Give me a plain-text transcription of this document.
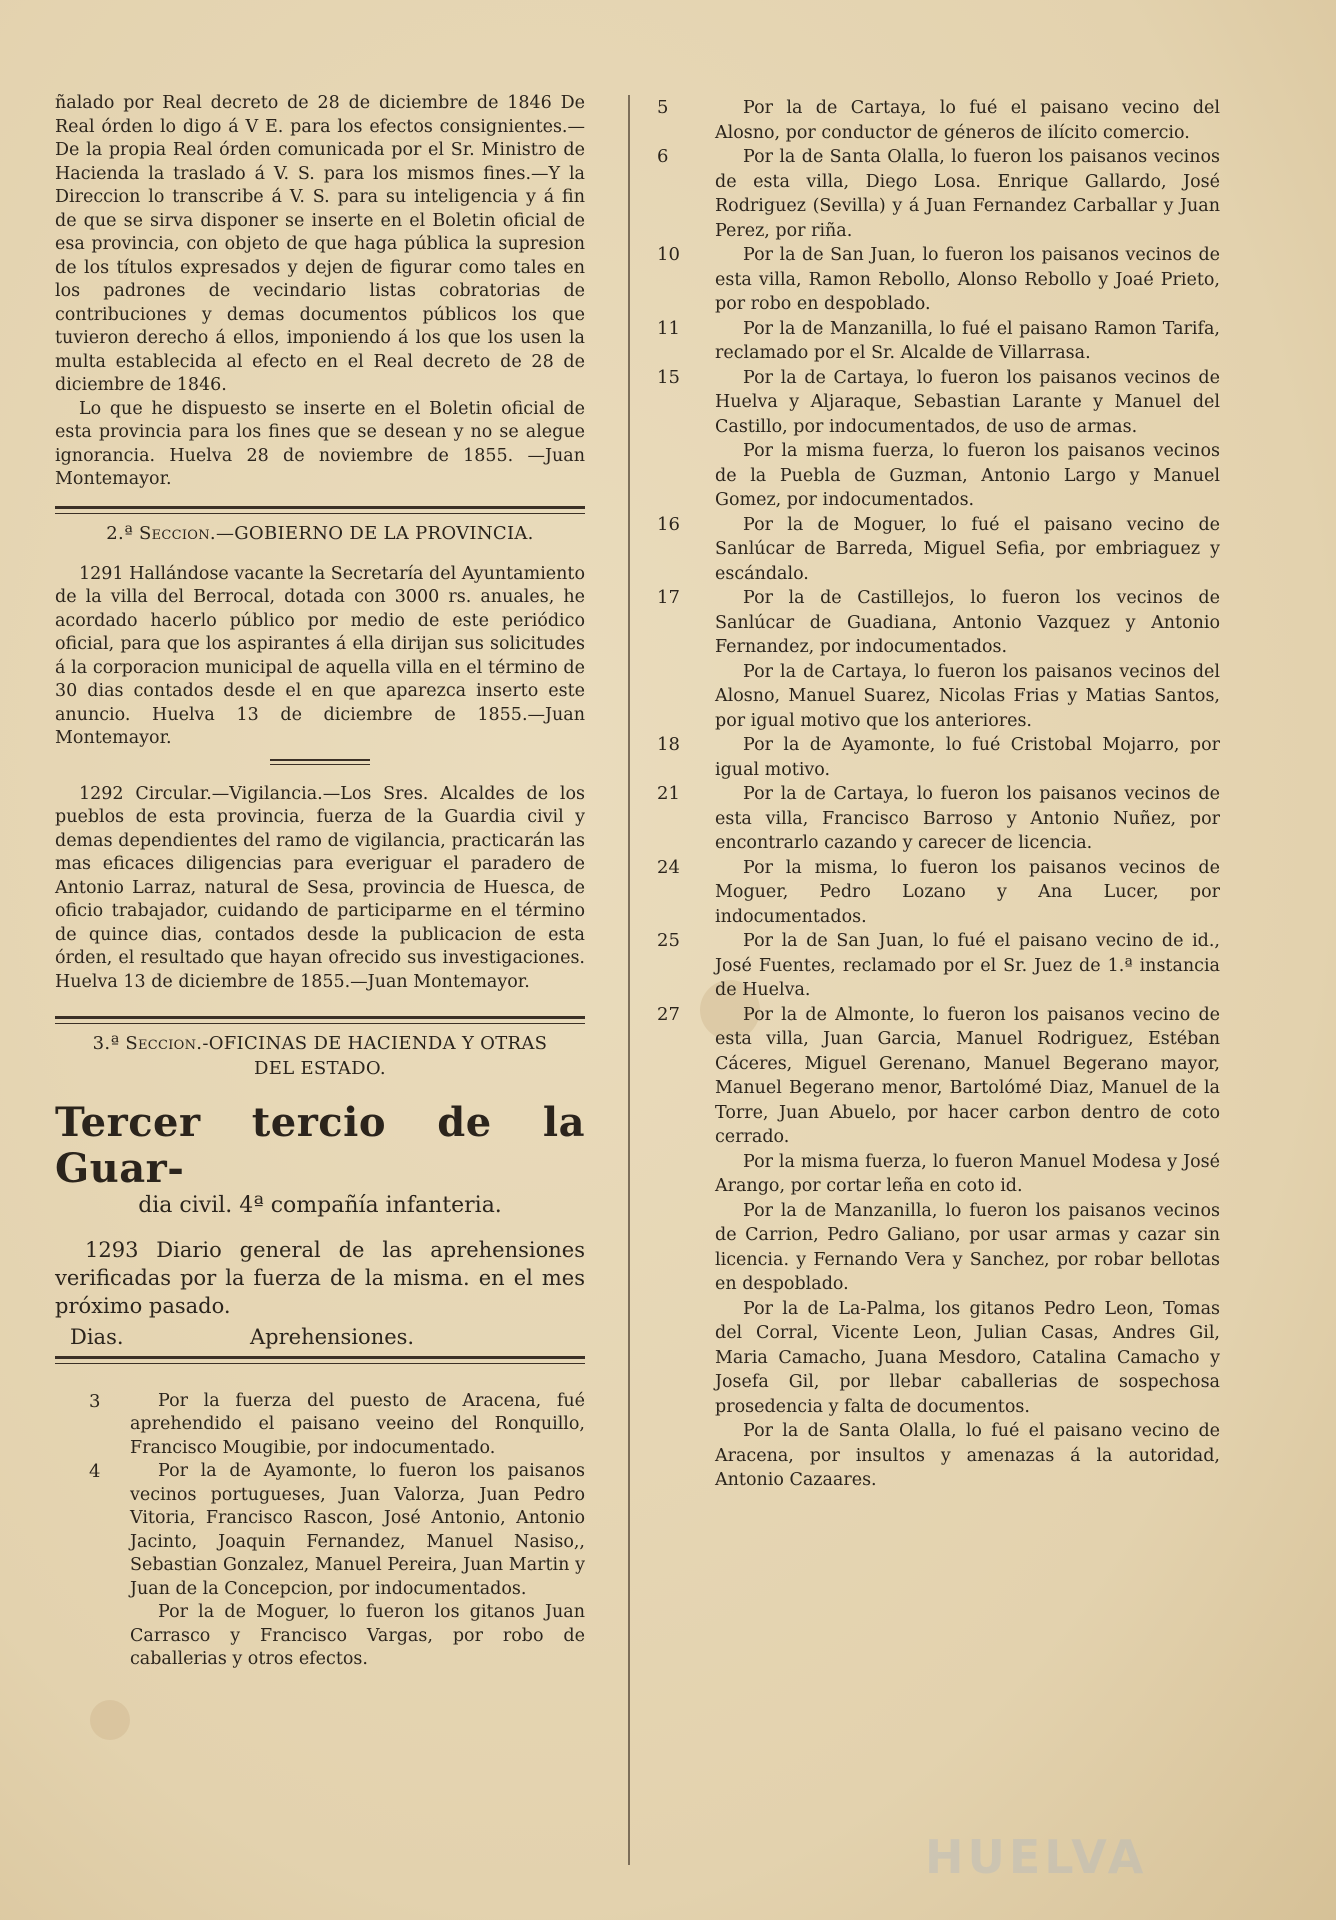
ñalado por Real decreto de 28 de diciembre de 1846 De Real órden lo digo á V E. para los efectos consignientes.—De la propia Real órden comunicada por el Sr. Ministro de Hacienda la traslado á V. S. para los mismos fines.—Y la Direccion lo transcribe á V. S. para su inteligencia y á fin de que se sirva disponer se inserte en el Boletin oficial de esa provincia, con objeto de que haga pública la supresion de los títulos expresados y dejen de figurar como tales en los padrones de vecindario listas cobratorias de contribuciones y demas documentos públicos los que tuvieron derecho á ellos, imponiendo á los que los usen la multa establecida al efecto en el Real decreto de 28 de diciembre de 1846.

Lo que he dispuesto se inserte en el Boletin oficial de esta provincia para los fines que se desean y no se alegue ignorancia. Huelva 28 de noviembre de 1855. —Juan Montemayor.

2.ª Seccion.—GOBIERNO DE LA PROVINCIA.

1291 Hallándose vacante la Secretaría del Ayuntamiento de la villa del Berrocal, dotada con 3000 rs. anuales, he acordado hacerlo público por medio de este periódico oficial, para que los aspirantes á ella dirijan sus solicitudes á la corporacion municipal de aquella villa en el término de 30 dias contados desde el en que aparezca inserto este anuncio. Huelva 13 de diciembre de 1855.—Juan Montemayor.

1292 Circular.—Vigilancia.—Los Sres. Alcaldes de los pueblos de esta provincia, fuerza de la Guardia civil y demas dependientes del ramo de vigilancia, practicarán las mas eficaces diligencias para everiguar el paradero de Antonio Larraz, natural de Sesa, provincia de Huesca, de oficio trabajador, cuidando de participarme en el término de quince dias, contados desde la publicacion de esta órden, el resultado que hayan ofrecido sus investigaciones. Huelva 13 de diciembre de 1855.—Juan Montemayor.

3.ª Seccion.-OFICINAS DE HACIENDA Y OTRAS
DEL ESTADO.
Tercer tercio de la Guar-
dia civil. 4ª compañía infanteria.

1293 Diario general de las aprehensiones verificadas por la fuerza de la misma. en el mes próximo pasado.

Dias.	Aprehensiones.
3	Por la fuerza del puesto de Aracena, fué aprehendido el paisano veeino del Ronquillo, Francisco Mougibie, por indocumentado.
4	Por la de Ayamonte, lo fueron los paisanos vecinos portugueses, Juan Valorza, Juan Pedro Vitoria, Francisco Rascon, José Antonio, Antonio Jacinto, Joaquin Fernandez, Manuel Nasiso,, Sebastian Gonzalez, Manuel Pereira, Juan Martin y Juan de la Concepcion, por indocumentados.
Por la de Moguer, lo fueron los gitanos Juan Carrasco y Francisco Vargas, por robo de caballerias y otros efectos.
5	Por la de Cartaya, lo fué el paisano vecino del Alosno, por conductor de géneros de ilícito comercio.
6	Por la de Santa Olalla, lo fueron los paisanos vecinos de esta villa, Diego Losa. Enrique Gallardo, José Rodriguez (Sevilla) y á Juan Fernandez Carballar y Juan Perez, por riña.
10	Por la de San Juan, lo fueron los paisanos vecinos de esta villa, Ramon Rebollo, Alonso Rebollo y Joaé Prieto, por robo en despoblado.
11	Por la de Manzanilla, lo fué el paisano Ramon Tarifa, reclamado por el Sr. Alcalde de Villarrasa.
15	Por la de Cartaya, lo fueron los paisanos vecinos de Huelva y Aljaraque, Sebastian Larante y Manuel del Castillo, por indocumentados, de uso de armas.
Por la misma fuerza, lo fueron los paisanos vecinos de la Puebla de Guzman, Antonio Largo y Manuel Gomez, por indocumentados.
16	Por la de Moguer, lo fué el paisano vecino de Sanlúcar de Barreda, Miguel Sefia, por embriaguez y escándalo.
17	Por la de Castillejos, lo fueron los vecinos de Sanlúcar de Guadiana, Antonio Vazquez y Antonio Fernandez, por indocumentados.
Por la de Cartaya, lo fueron los paisanos vecinos del Alosno, Manuel Suarez, Nicolas Frias y Matias Santos, por igual motivo que los anteriores.
18	Por la de Ayamonte, lo fué Cristobal Mojarro, por igual motivo.
21	Por la de Cartaya, lo fueron los paisanos vecinos de esta villa, Francisco Barroso y Antonio Nuñez, por encontrarlo cazando y carecer de licencia.
24	Por la misma, lo fueron los paisanos vecinos de Moguer, Pedro Lozano y Ana Lucer, por indocumentados.
25	Por la de San Juan, lo fué el paisano vecino de id., José Fuentes, reclamado por el Sr. Juez de 1.ª instancia de Huelva.
27	Por la de Almonte, lo fueron los paisanos vecino de esta villa, Juan Garcia, Manuel Rodriguez, Estéban Cáceres, Miguel Gerenano, Manuel Begerano mayor, Manuel Begerano menor, Bartolómé Diaz, Manuel de la Torre, Juan Abuelo, por hacer carbon dentro de coto cerrado.
Por la misma fuerza, lo fueron Manuel Modesa y José Arango, por cortar leña en coto id.
Por la de Manzanilla, lo fueron los paisanos vecinos de Carrion, Pedro Galiano, por usar armas y cazar sin licencia. y Fernando Vera y Sanchez, por robar bellotas en despoblado.
Por la de La-Palma, los gitanos Pedro Leon, Tomas del Corral, Vicente Leon, Julian Casas, Andres Gil, Maria Camacho, Juana Mesdoro, Catalina Camacho y Josefa Gil, por llebar caballerias de sospechosa prosedencia y falta de documentos.
Por la de Santa Olalla, lo fué el paisano vecino de Aracena, por insultos y amenazas á la autoridad, Antonio Cazaares.
HUELVA
